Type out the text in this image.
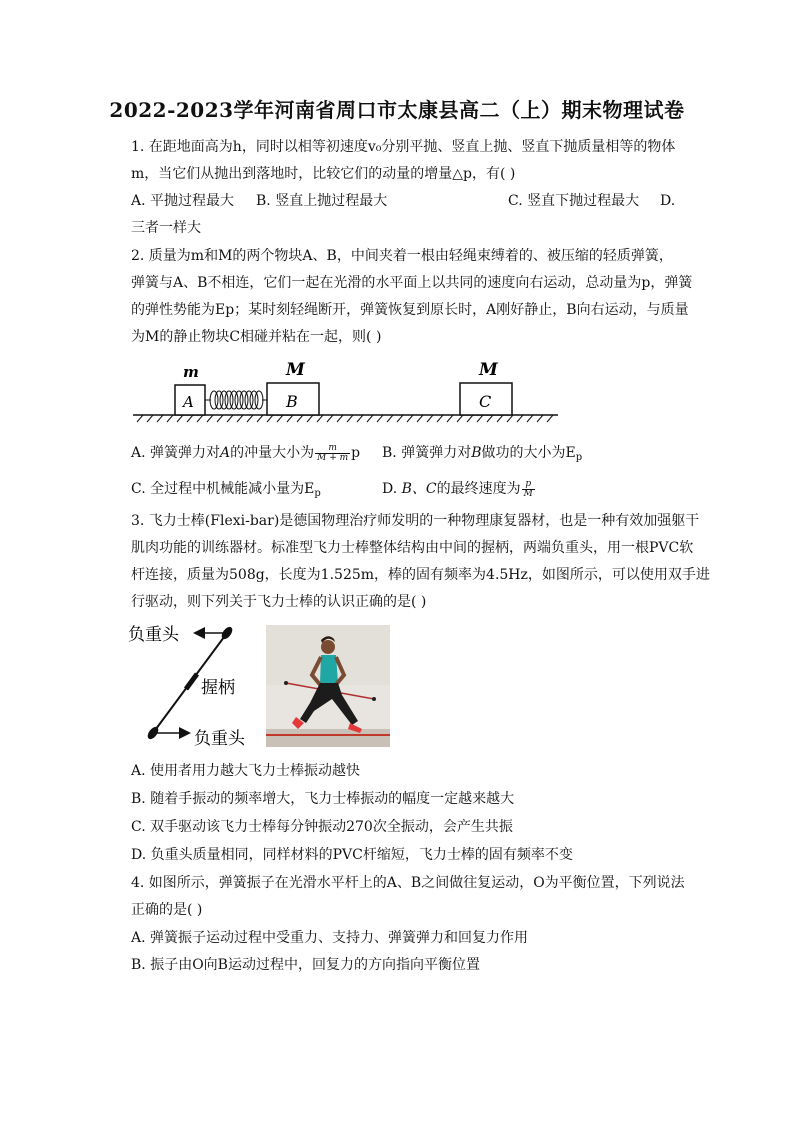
2022-2023学年河南省周口市太康县高二（上）期末物理试卷
1. 在距地面高为h，同时以相等初速度v₀分别平抛、竖直上抛、竖直下抛质量相等的物体
m，当它们从抛出到落地时，比较它们的动量的增量△p，有( )
A. 平抛过程最大 B. 竖直上抛过程最大	C. 竖直下抛过程最大 D.
三者一样大
2. 质量为m和M的两个物块A、B，中间夹着一根由轻绳束缚着的、被压缩的轻质弹簧，
弹簧与A、B不相连，它们一起在光滑的水平面上以共同的速度向右运动，总动量为p，弹簧
的弹性势能为Ep；某时刻轻绳断开，弹簧恢复到原长时，A刚好静止，B向右运动，与质量
为M的静止物块C相碰并粘在一起，则( )
m	M	M
A	B	C
A. 弹簧弹力对A的冲量大小为 $\frac{m}{M + m}$ p B. 弹簧弹力对B做功的大小为$E_p$
C. 全过程中机械能减小量为$E_p$	D. B、C的最终速度为 $\frac{p}{M}$
3. 飞力士棒(Flexi-bar)是德国物理治疗师发明的一种物理康复器材，也是一种有效加强躯干
肌肉功能的训练器材。标准型飞力士棒整体结构由中间的握柄，两端负重头，用一根PVC软
杆连接，质量为508g，长度为1.525m，棒的固有频率为4.5Hz，如图所示，可以使用双手进
行驱动，则下列关于飞力士棒的认识正确的是( )
负重头
握柄
负重头
A. 使用者用力越大飞力士棒振动越快
B. 随着手振动的频率增大，飞力士棒振动的幅度一定越来越大
C. 双手驱动该飞力士棒每分钟振动270次全振动，会产生共振
D. 负重头质量相同，同样材料的PVC杆缩短，飞力士棒的固有频率不变
4. 如图所示，弹簧振子在光滑水平杆上的A、B之间做往复运动，O为平衡位置，下列说法
正确的是( )
A. 弹簧振子运动过程中受重力、支持力、弹簧弹力和回复力作用
B. 振子由O向B运动过程中，回复力的方向指向平衡位置
